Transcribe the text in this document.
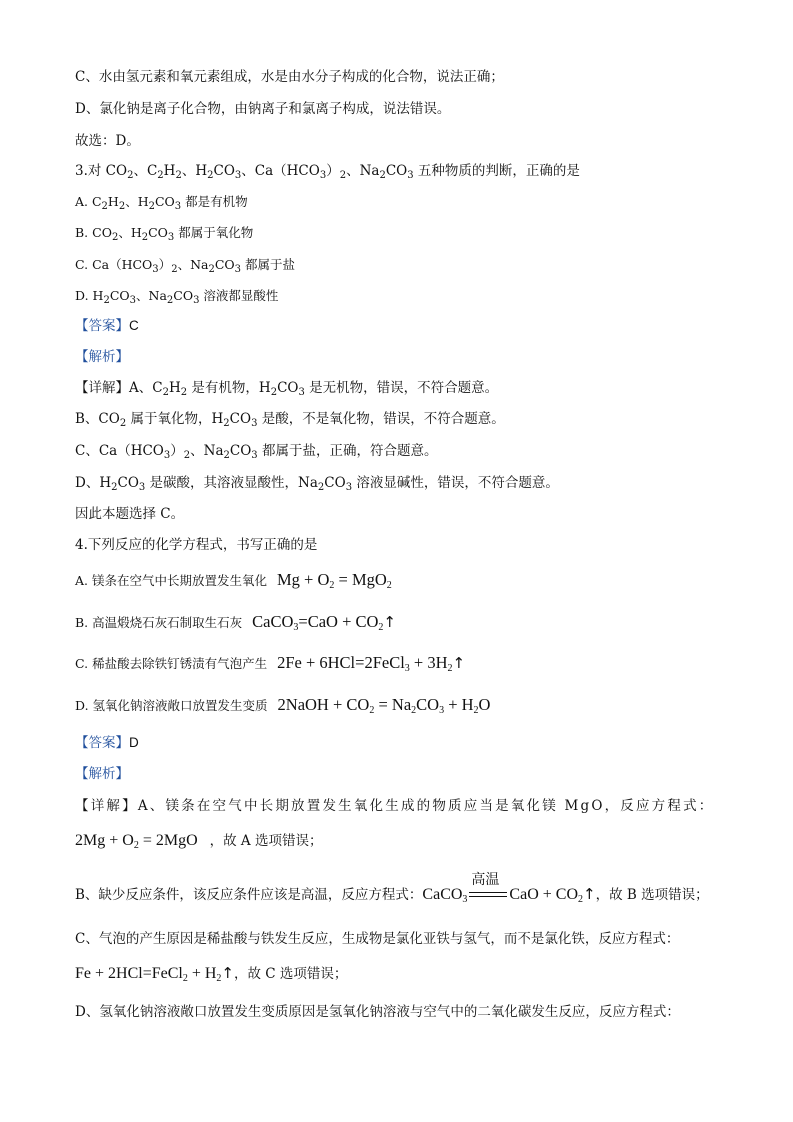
C、水由氢元素和氧元素组成，水是由水分子构成的化合物，说法正确；
D、氯化钠是离子化合物，由钠离子和氯离子构成，说法错误。
故选：D。
3.对 $CO_2$、$C_2H_2$、$H_2CO_3$、$Ca(HCO_3)_2$、$Na_2CO_3$ 五种物质的判断，正确的是
A. $C_2H_2$、$H_2CO_3$ 都是有机物
B. $CO_2$、$H_2CO_3$ 都属于氧化物
C. $Ca(HCO_3)_2$、$Na_2CO_3$ 都属于盐
D. $H_2CO_3$、$Na_2CO_3$ 溶液都显酸性
【答案】C
【解析】
【详解】A、$C_2H_2$ 是有机物，$H_2CO_3$ 是无机物，错误，不符合题意。
B、$CO_2$ 属于氧化物，$H_2CO_3$ 是酸，不是氧化物，错误，不符合题意。
C、$Ca(HCO_3)_2$、$Na_2CO_3$ 都属于盐，正确，符合题意。
D、$H_2CO_3$ 是碳酸，其溶液显酸性，$Na_2CO_3$ 溶液显碱性，错误，不符合题意。
因此本题选择 C。
4.下列反应的化学方程式，书写正确的是
A. 镁条在空气中长期放置发生氧化 $Mg + O_2 = MgO_2$
B. 高温煅烧石灰石制取生石灰 CaCO$_3$=CaO + $CO_2↑$
C. 稀盐酸去除铁钉锈渍有气泡产生 2Fe + 6HCl=2FeCl$_3$ + $3H_2↑$
D. 氢氧化钠溶液敞口放置发生变质 2NaOH + $CO_2 = Na_2CO_3 + H_2O$
【答案】D
【解析】
【详解】A、镁条在空气中长期放置发生氧化生成的物质应当是氧化镁 MgO，反应方程式：
$2Mg + O_2 = 2MgO$ ，故 A 选项错误；
B、缺少反应条件，该反应条件应该是高温，反应方程式：CaCO$_3$
高温
CaO + $CO_2↑$，故 B 选项错误；
C、气泡的产生原因是稀盐酸与铁发生反应，生成物是氯化亚铁与氢气，而不是氯化铁，反应方程式：
Fe + 2HCl=FeCl$_2$ + $H_2↑$，故 C 选项错误；
D、氢氧化钠溶液敞口放置发生变质原因是氢氧化钠溶液与空气中的二氧化碳发生反应，反应方程式：
